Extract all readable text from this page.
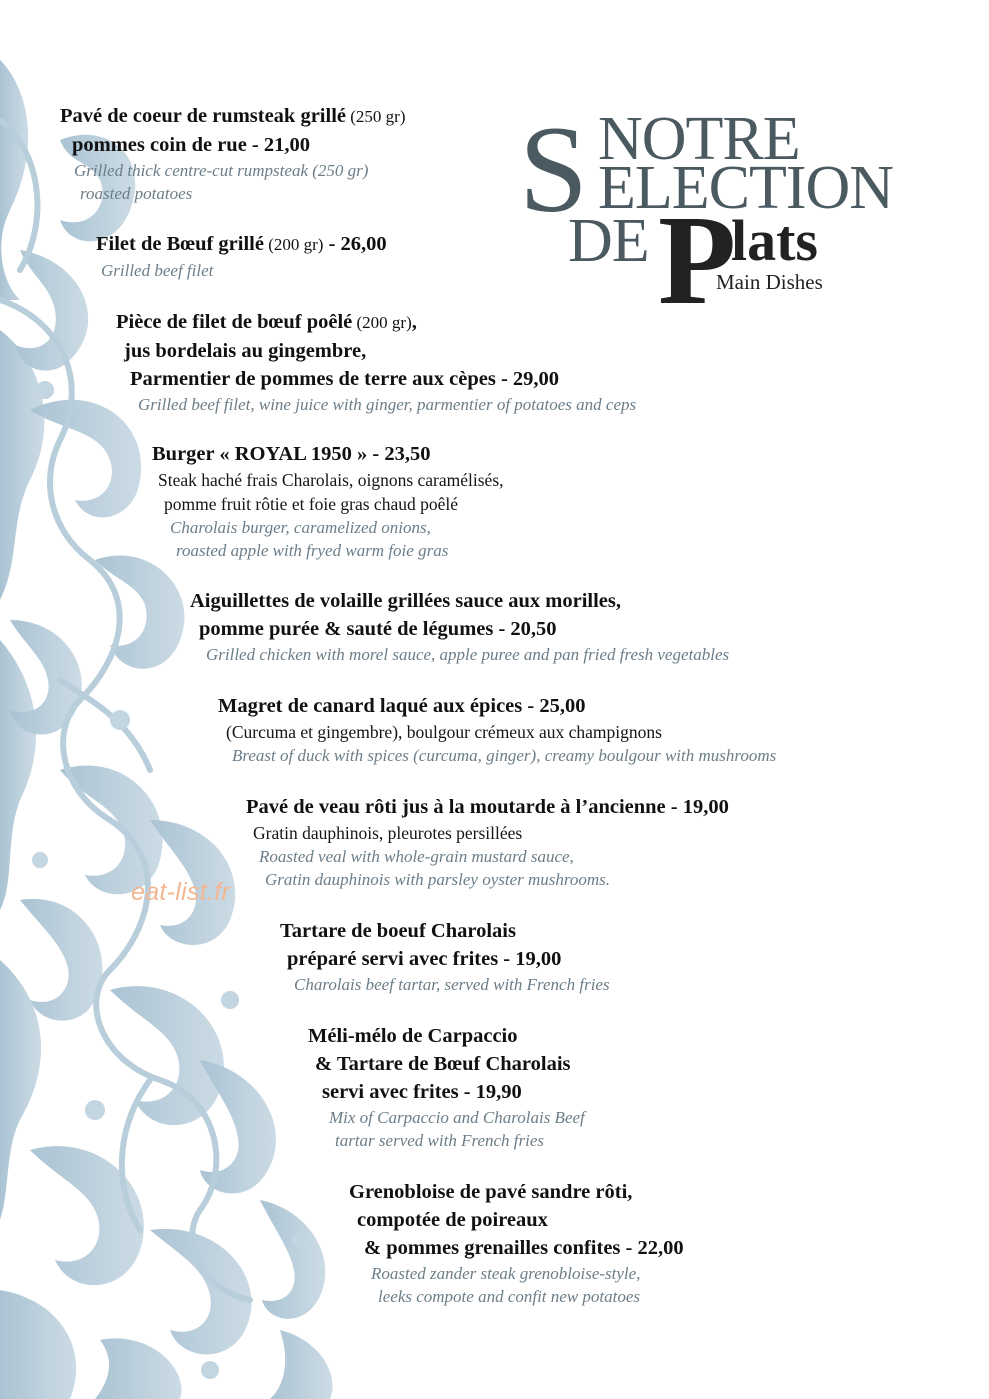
S NOTRE
ELECTION
DE P
lats
Main Dishes
Pavé de coeur de rumsteak grillé (250 gr)
pommes coin de rue - 21,00
Grilled thick centre-cut rumpsteak (250 gr)
roasted potatoes
Filet de Bœuf grillé (200 gr) - 26,00
Grilled beef filet
Pièce de filet de bœuf poêlé (200 gr),
jus bordelais au gingembre,
Parmentier de pommes de terre aux cèpes - 29,00
Grilled beef filet, wine juice with ginger, parmentier of potatoes and ceps
Burger « ROYAL 1950 » - 23,50
Steak haché frais Charolais, oignons caramélisés,
pomme fruit rôtie et foie gras chaud poêlé
Charolais burger, caramelized onions,
roasted apple with fryed warm foie gras
Aiguillettes de volaille grillées sauce aux morilles,
pomme purée & sauté de légumes - 20,50
Grilled chicken with morel sauce, apple puree and pan fried fresh vegetables
Magret de canard laqué aux épices - 25,00
(Curcuma et gingembre), boulgour crémeux aux champignons
Breast of duck with spices (curcuma, ginger), creamy boulgour with mushrooms
Pavé de veau rôti jus à la moutarde à l’ancienne - 19,00
Gratin dauphinois, pleurotes persillées
Roasted veal with whole-grain mustard sauce,
Gratin dauphinois with parsley oyster mushrooms.
Tartare de boeuf Charolais
préparé servi avec frites - 19,00
Charolais beef tartar, served with French fries
Méli-mélo de Carpaccio
& Tartare de Bœuf Charolais
servi avec frites - 19,90
Mix of Carpaccio and Charolais Beef
tartar served with French fries
Grenobloise de pavé sandre rôti,
compotée de poireaux
& pommes grenailles confites - 22,00
Roasted zander steak grenobloise-style,
leeks compote and confit new potatoes
eat-list.fr
